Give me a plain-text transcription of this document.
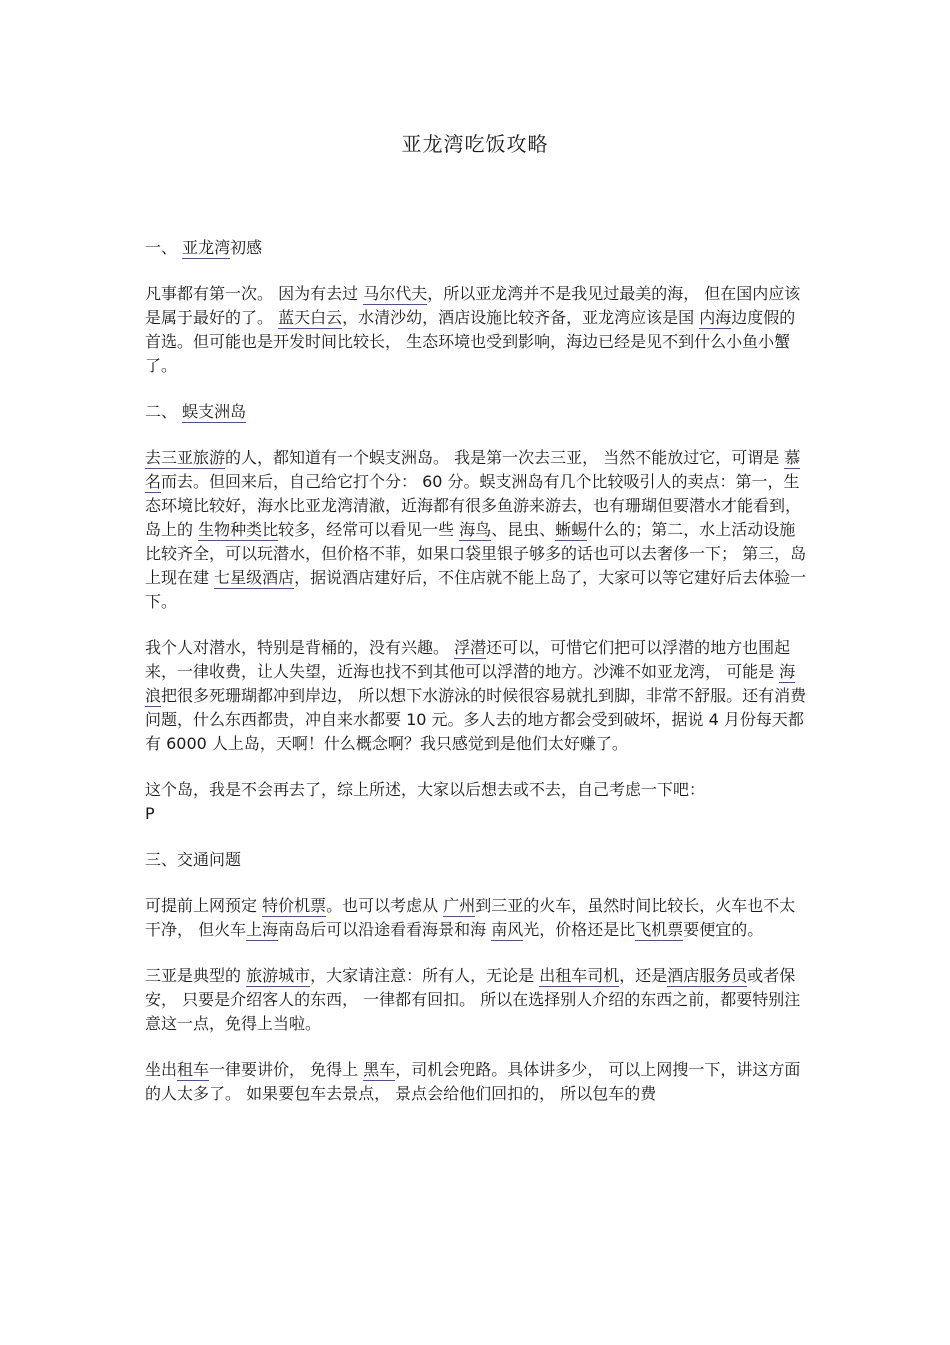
亚龙湾吃饭攻略
一、 亚龙湾初感

凡事都有第一次。 因为有去过 马尔代夫，所以亚龙湾并不是我见过最美的海， 但在国内应该是属于最好的了。 蓝天白云，水清沙幼，酒店设施比较齐备，亚龙湾应该是国 内海边度假的首选。但可能也是开发时间比较长， 生态环境也受到影响，海边已经是见不到什么小鱼小蟹了。

二、 蜈支洲岛

去三亚旅游的人，都知道有一个蜈支洲岛。 我是第一次去三亚， 当然不能放过它，可谓是 慕名而去。但回来后，自己给它打个分： 60 分。蜈支洲岛有几个比较吸引人的卖点：第一，生态环境比较好，海水比亚龙湾清澈，近海都有很多鱼游来游去，也有珊瑚但要潜水才能看到， 岛上的 生物种类比较多，经常可以看见一些 海鸟、昆虫、蜥蜴什么的；第二，水上活动设施比较齐全，可以玩潜水，但价格不菲，如果口袋里银子够多的话也可以去奢侈一下； 第三，岛上现在建 七星级酒店，据说酒店建好后，不住店就不能上岛了，大家可以等它建好后去体验一下。

我个人对潜水，特别是背桶的，没有兴趣。 浮潜还可以，可惜它们把可以浮潜的地方也围起来，一律收费，让人失望，近海也找不到其他可以浮潜的地方。沙滩不如亚龙湾， 可能是 海浪把很多死珊瑚都冲到岸边， 所以想下水游泳的时候很容易就扎到脚，非常不舒服。还有消费问题，什么东西都贵，冲自来水都要 10 元。多人去的地方都会受到破坏，据说 4 月份每天都有 6000 人上岛，天啊！什么概念啊？我只感觉到是他们太好赚了。

这个岛，我是不会再去了，综上所述，大家以后想去或不去，自己考虑一下吧：
P

三、交通问题

可提前上网预定 特价机票。也可以考虑从 广州到三亚的火车，虽然时间比较长，火车也不太干净， 但火车上海南岛后可以沿途看看海景和海 南风光，价格还是比飞机票要便宜的。

三亚是典型的 旅游城市，大家请注意：所有人，无论是 出租车司机，还是酒店服务员或者保安， 只要是介绍客人的东西， 一律都有回扣。 所以在选择别人介绍的东西之前，都要特别注意这一点，免得上当啦。

坐出租车一律要讲价， 免得上 黑车，司机会兜路。具体讲多少， 可以上网搜一下，讲这方面的人太多了。 如果要包车去景点， 景点会给他们回扣的， 所以包车的费
